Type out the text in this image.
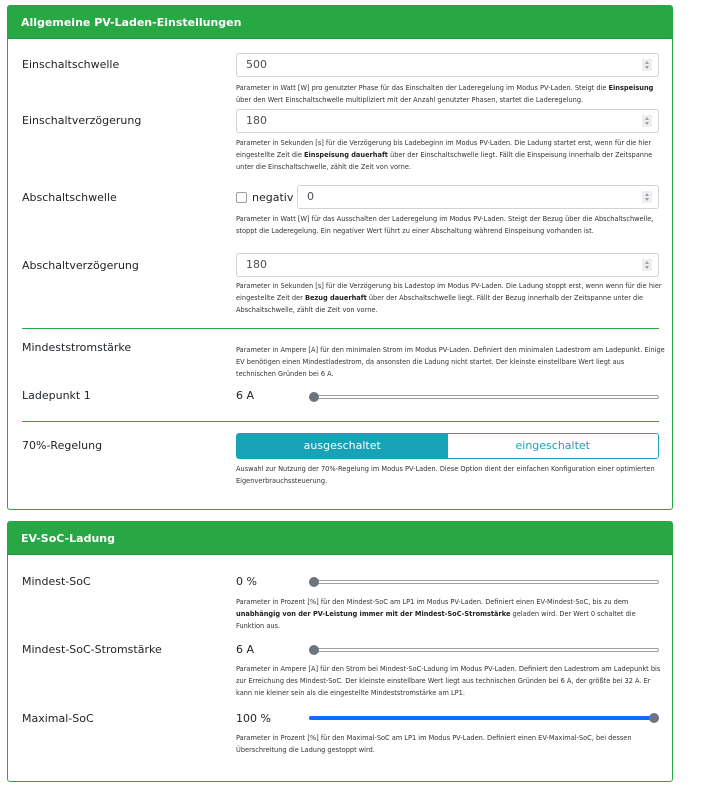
Allgemeine PV-Laden-Einstellungen
Einschaltschwelle	500
Parameter in Watt [W] pro genutzter Phase für das Einschalten der Laderegelung im Modus PV-Laden. Steigt die Einspeisung über den Wert Einschaltschwelle multipliziert mit der Anzahl genutzter Phasen, startet die Laderegelung.
Einschaltverzögerung	180
Parameter in Sekunden [s] für die Verzögerung bis Ladebeginn im Modus PV-Laden. Die Ladung startet erst, wenn für die hier eingestellte Zeit die Einspeisung dauerhaft über der Einschaltschwelle liegt. Fällt die Einspeisung innerhalb der Zeitspanne unter die Einschaltschwelle, zählt die Zeit von vorne.
Abschaltschwelle	negativ	0
Parameter in Watt [W] für das Ausschalten der Laderegelung im Modus PV-Laden. Steigt der Bezug über die Abschaltschwelle, stoppt die Laderegelung. Ein negativer Wert führt zu einer Abschaltung während Einspeisung vorhanden ist.
Abschaltverzögerung	180
Parameter in Sekunden [s] für die Verzögerung bis Ladestop im Modus PV-Laden. Die Ladung stoppt erst, wenn wenn für die hier eingestellte Zeit der Bezug dauerhaft über der Abschaltschwelle liegt. Fällt der Bezug innerhalb der Zeitspanne unter die Abschaltschwelle, zählt die Zeit von vorne.
Mindeststromstärke	Parameter in Ampere [A] für den minimalen Strom im Modus PV-Laden. Definiert den minimalen Ladestrom am Ladepunkt. Einige EV benötigen einen Mindestladestrom, da ansonsten die Ladung nicht startet. Der kleinste einstellbare Wert liegt aus technischen Gründen bei 6 A.
Ladepunkt 1	6 A
70%-Regelung	ausgeschaltet	eingeschaltet
Auswahl zur Nutzung der 70%-Regelung im Modus PV-Laden. Diese Option dient der einfachen Konfiguration einer optimierten Eigenverbrauchssteuerung.
EV-SoC-Ladung
Mindest-SoC	0 %
Parameter in Prozent [%] für den Mindest-SoC am LP1 im Modus PV-Laden. Definiert einen EV-Mindest-SoC, bis zu dem unabhängig von der PV-Leistung immer mit der Mindest-SoC-Stromstärke geladen wird. Der Wert 0 schaltet die Funktion aus.
Mindest-SoC-Stromstärke	6 A
Parameter in Ampere [A] für den Strom bei Mindest-SoC-Ladung im Modus PV-Laden. Definiert den Ladestrom am Ladepunkt bis zur Erreichung des Mindest-SoC. Der kleinste einstellbare Wert liegt aus technischen Gründen bei 6 A, der größte bei 32 A. Er kann nie kleiner sein als die eingestellte Mindeststromstärke am LP1.
Maximal-SoC	100 %
Parameter in Prozent [%] für den Maximal-SoC am LP1 im Modus PV-Laden. Definiert einen EV-Maximal-SoC, bei dessen Überschreitung die Ladung gestoppt wird.
